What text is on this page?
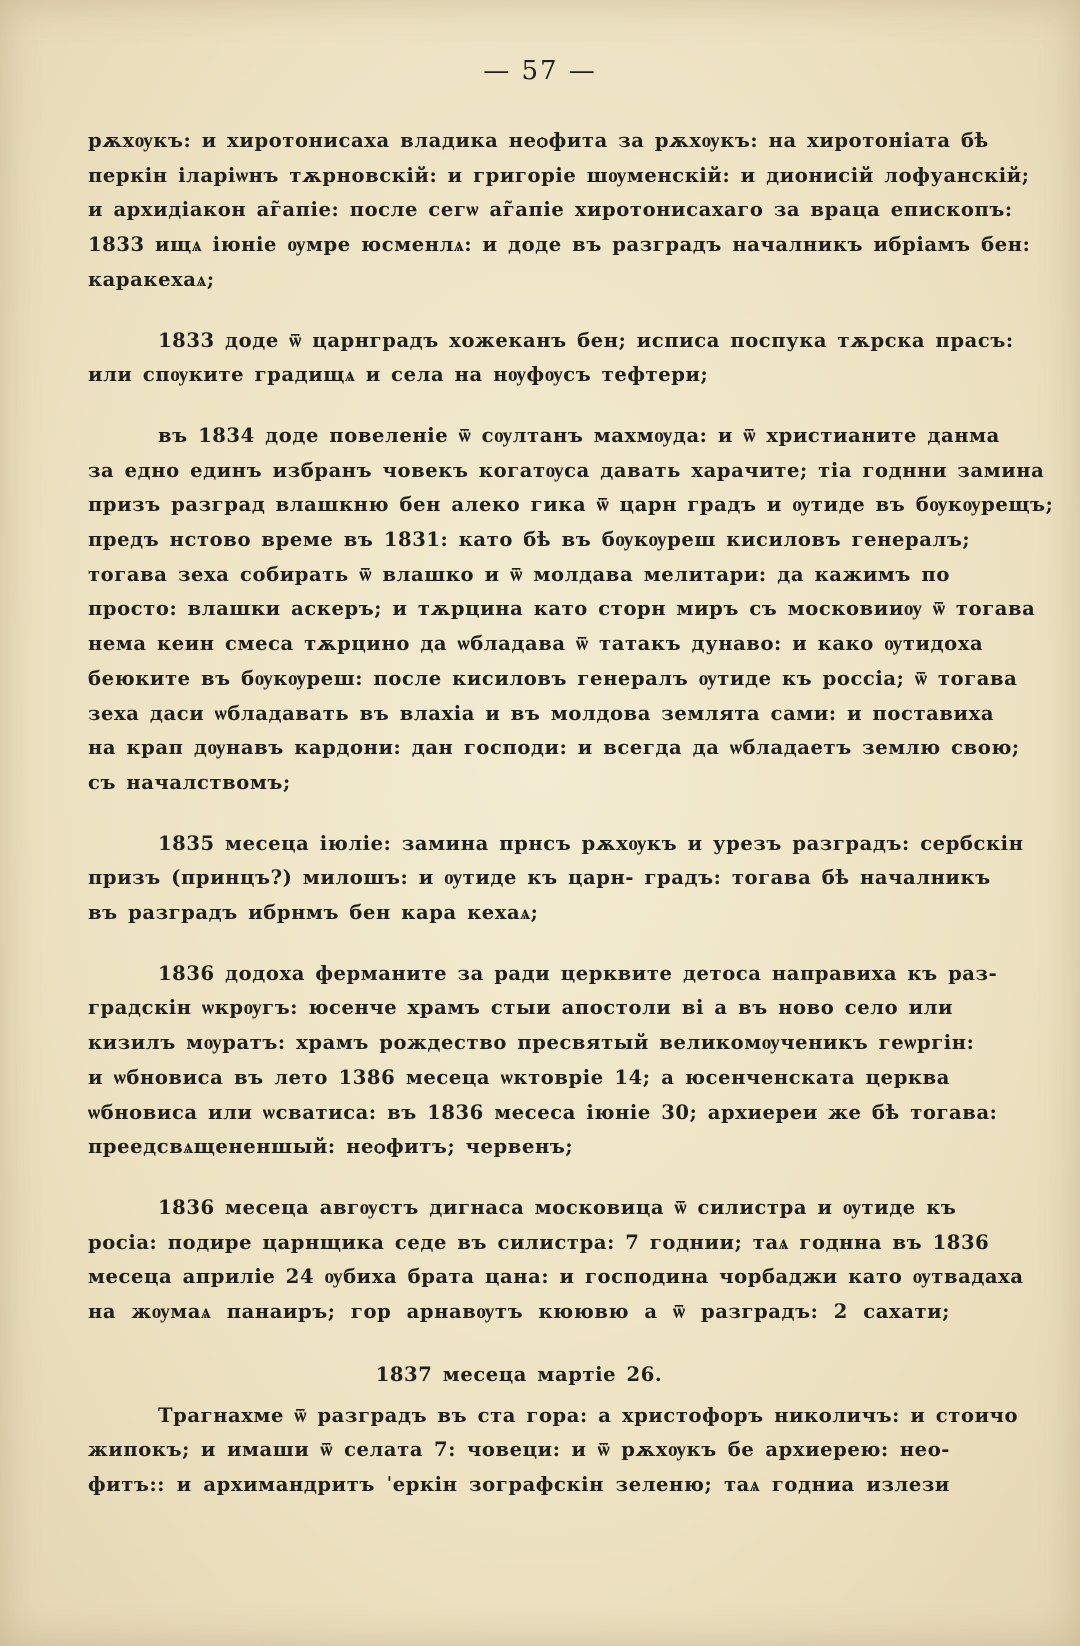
— 57 —

рѫхѹкъ: и хиротонисаха владика неѻфита за рѫхѹкъ: на хиротоніата бѣ
перкін іларіѡнъ тѫрновскій: и григоріе шѹменскій: и дионисій лофуанскій;
и архидіакон аг̃апіе: после сегѡ аг̃апіе хиротонисахаго за враца епископъ:
1833 ищѧ іюніе ѹмре юсменлѧ: и доде въ разградъ началникъ ибріамъ бен:
каракехаѧ;

1833 доде ѿ царнградъ хожеканъ бен; исписа поспука тѫрска прасъ:
или спѹките градищѧ и села на нѹфѹсъ тефтери;

въ 1834 доде повеленіе ѿ сѹлтанъ махмѹда: и ѿ христианите данма
за едно единъ избранъ човекъ когатѹса давать харачите; тіа годнни замина
призъ разград влашкню бен алеко гика ѿ царн градъ и ѹтиде въ бѹкѹрещъ;
предъ нстово време въ 1831: като бѣ въ бѹкѹреш кисиловъ генералъ;
тогава зеха собирать ѿ влашко и ѿ молдава мелитари: да кажимъ по
просто: влашки аскеръ; и тѫрцина като сторн миръ съ московииѹ ѿ тогава
нема кеин смеса тѫрцино да ѡбладава ѿ татакъ дунаво: и како ѹтидоха
беюките въ бѹкѹреш: после кисиловъ генералъ ѹтиде къ россіа; ѿ тогава
зеха даси ѡбладавать въ влахіа и въ молдова землята сами: и поставиха
на крап дѹнавъ кардони: дан господи: и всегда да ѡбладаетъ землю свою;
съ началствомъ;

1835 месеца іюліе: замина прнсъ рѫхѹкъ и урезъ разградъ: сербскін
призъ (принцъ?) милошъ: и ѹтиде къ царн- градъ: тогава бѣ началникъ
въ разградъ ибрнмъ бен кара кехаѧ;

1836 додоха ферманите за ради церквите детоса направиха къ раз-
градскін ѡкрѹгъ: юсенче храмъ стыи апостоли ві а въ ново село или
кизилъ мѹратъ: храмъ рождество пресвятый великомѹченикъ геѡргін:
и ѡбновиса въ лето 1386 месеца ѡктовріе 14; а юсенченската церква
ѡбновиса или ѡсватиса: въ 1836 месеса іюніе 30; архиереи же бѣ тогава:
преедсвѧщененшый: неѻфитъ; червенъ;

1836 месеца авгѹстъ дигнаса московица ѿ силистра и ѹтиде къ
росіа: подире царнщика седе въ силистра: 7 годнии; таѧ годнна въ 1836
месеца априліе 24 ѹбиха брата цана: и господина чорбаджи като ѹтвадаха
на жѹмаѧ панаиръ; гор арнавѹтъ кюювю а ѿ разградъ: 2 сахати;

1837 месеца мартіе 26.

Трагнахме ѿ разградъ въ ста гора: а христофоръ николичъ: и стоичо
жипокъ; и имаши ѿ селата 7: човеци: и ѿ рѫхѹкъ бе архиерею: нео-
фитъ:: и архимандритъ ˈеркін зографскін зеленю; таѧ годниа излези
